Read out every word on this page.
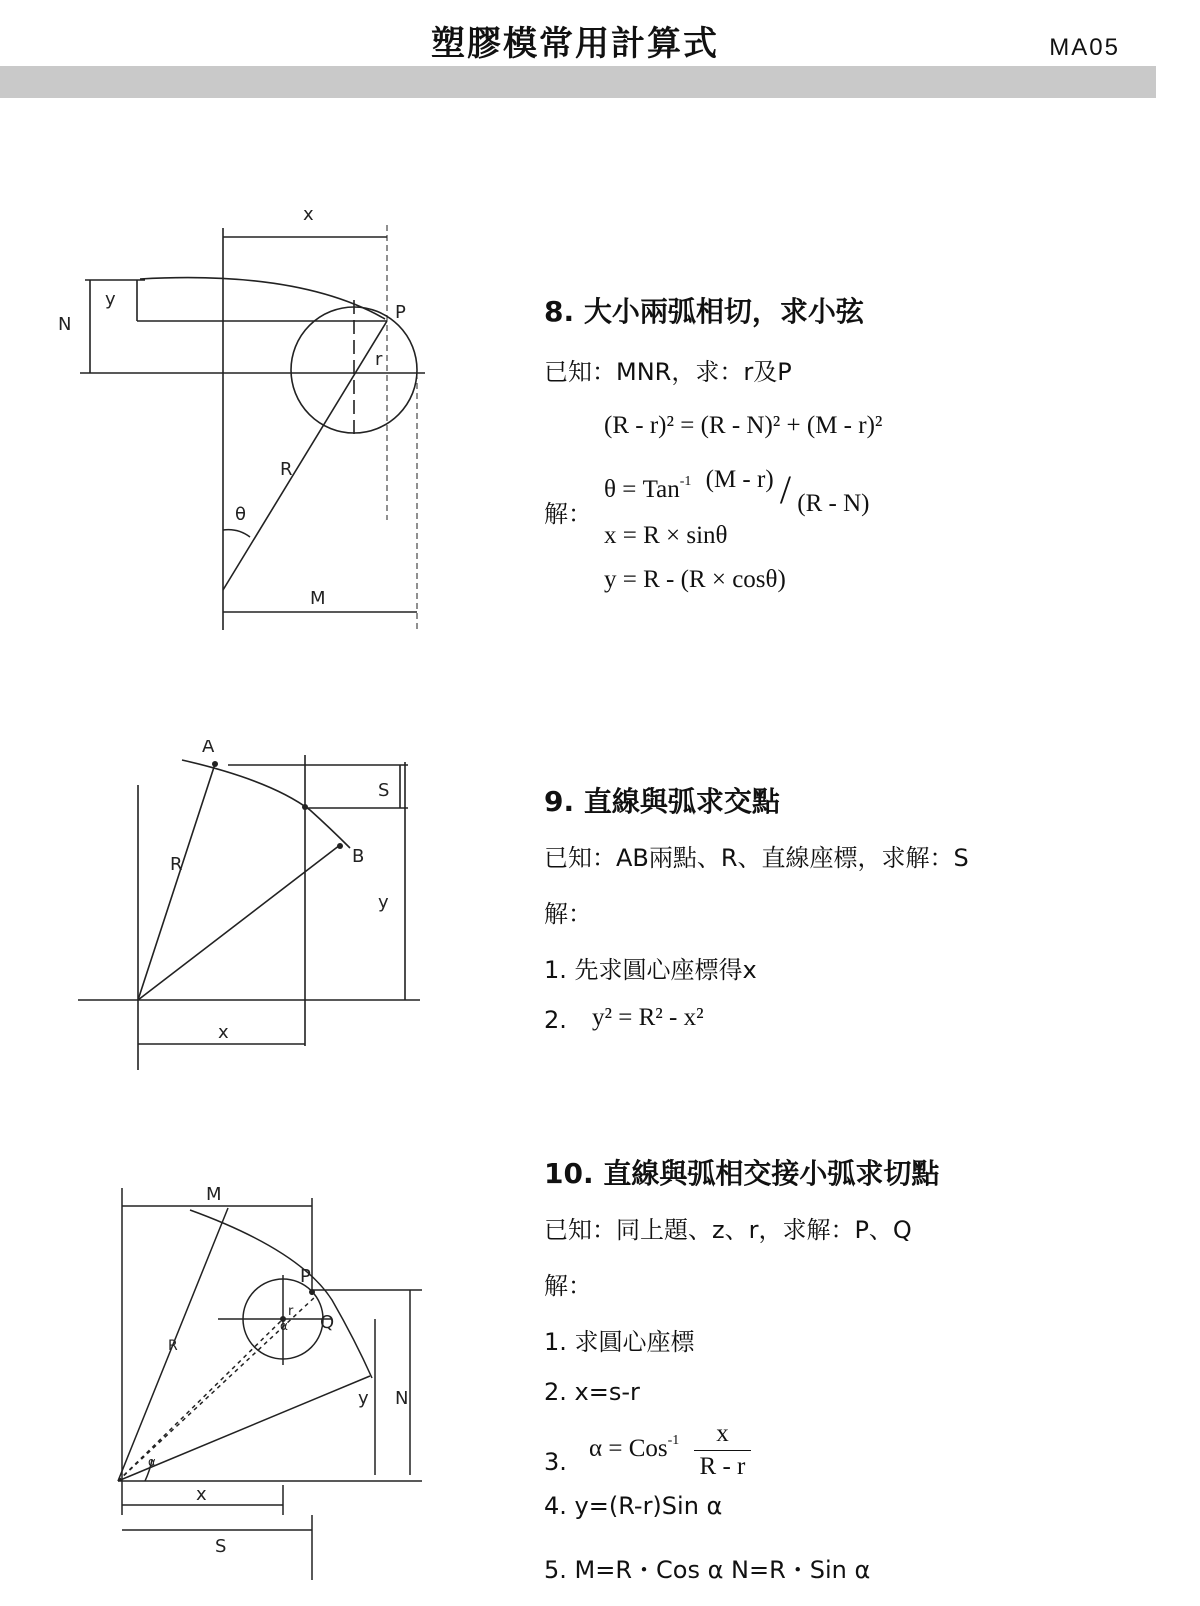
塑膠模常用計算式	MA05
x
y
N
P
r
R
θ
M
8. 大小兩弧相切，求小弦
已知：MNR，求：r及P
(R - r)² = (R - N)² + (M - r)²
解：
θ = Tan$^{-1}$ (M - r) / (R - N)
x = R × sinθ
y = R - (R × cosθ)
A
B
R
S
y
x
9. 直線與弧求交點
已知：AB兩點、R、直線座標，求解：S
解：
1. 先求圓心座標得x
2. y² = R² - x²
M
P
Q
R
r
α
α
y N
x
S
10. 直線與弧相交接小弧求切點
已知：同上題、z、r，求解：P、Q
解：
1. 求圓心座標
2. x=s-r
3. $\alpha = Cos^{-1} \frac{x}{R - r}$
4. y=(R-r)Sin α
5. M=R・Cos α N=R・Sin α
